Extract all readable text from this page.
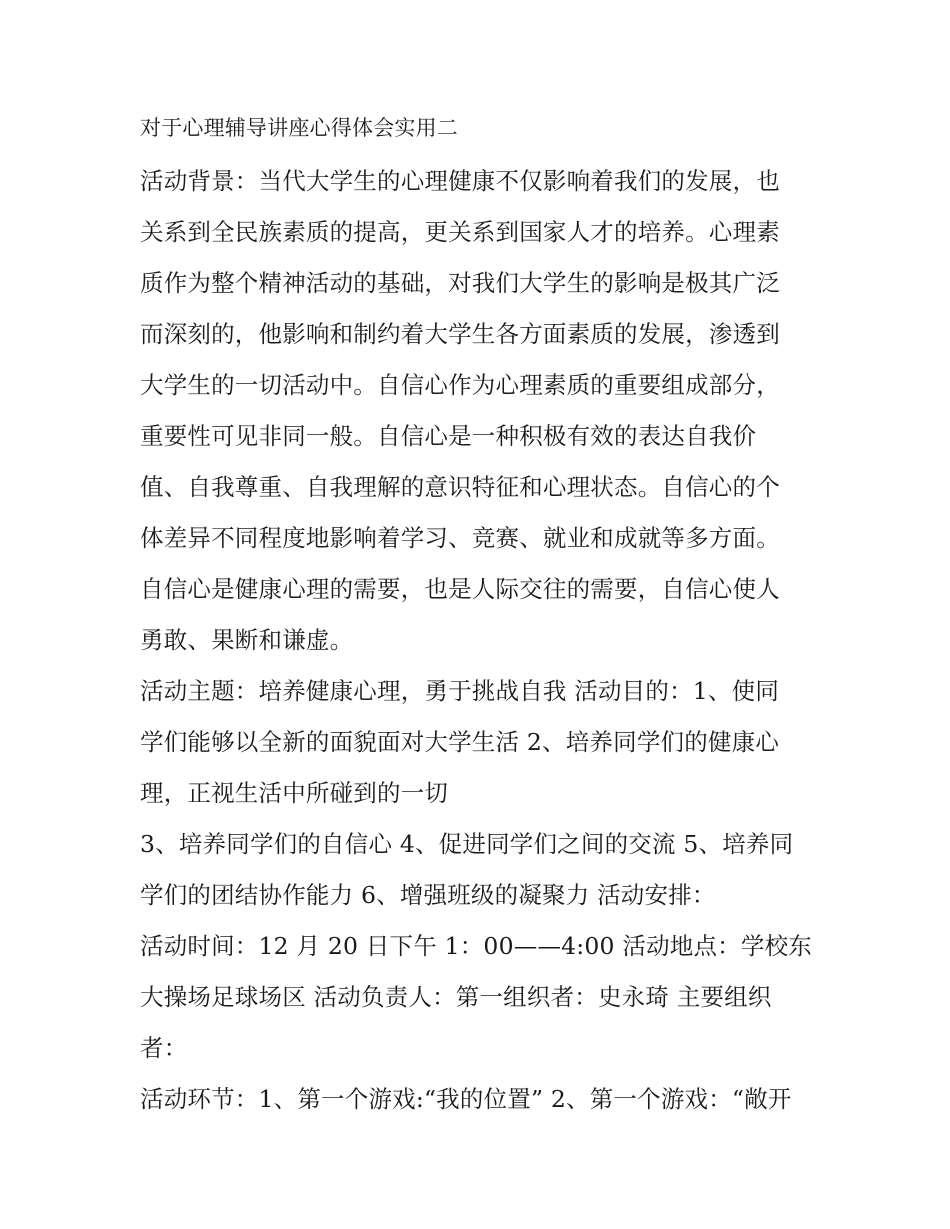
对于心理辅导讲座心得体会实用二
活动背景：当代大学生的心理健康不仅影响着我们的发展，也
关系到全民族素质的提高，更关系到国家人才的培养。心理素
质作为整个精神活动的基础，对我们大学生的影响是极其广泛
而深刻的，他影响和制约着大学生各方面素质的发展，渗透到
大学生的一切活动中。自信心作为心理素质的重要组成部分，
重要性可见非同一般。自信心是一种积极有效的表达自我价
值、自我尊重、自我理解的意识特征和心理状态。自信心的个
体差异不同程度地影响着学习、竞赛、就业和成就等多方面。
自信心是健康心理的需要，也是人际交往的需要，自信心使人
勇敢、果断和谦虚。
活动主题：培养健康心理，勇于挑战自我 活动目的：1、使同
学们能够以全新的面貌面对大学生活 2、培养同学们的健康心
理，正视生活中所碰到的一切
3、培养同学们的自信心 4、促进同学们之间的交流 5、培养同
学们的团结协作能力 6、增强班级的凝聚力 活动安排：
活动时间：12 月 20 日下午 1：00——4:00 活动地点：学校东
大操场足球场区 活动负责人：第一组织者：史永琦 主要组织
者：
活动环节：1、第一个游戏:“我的位置” 2、第一个游戏：“敞开
